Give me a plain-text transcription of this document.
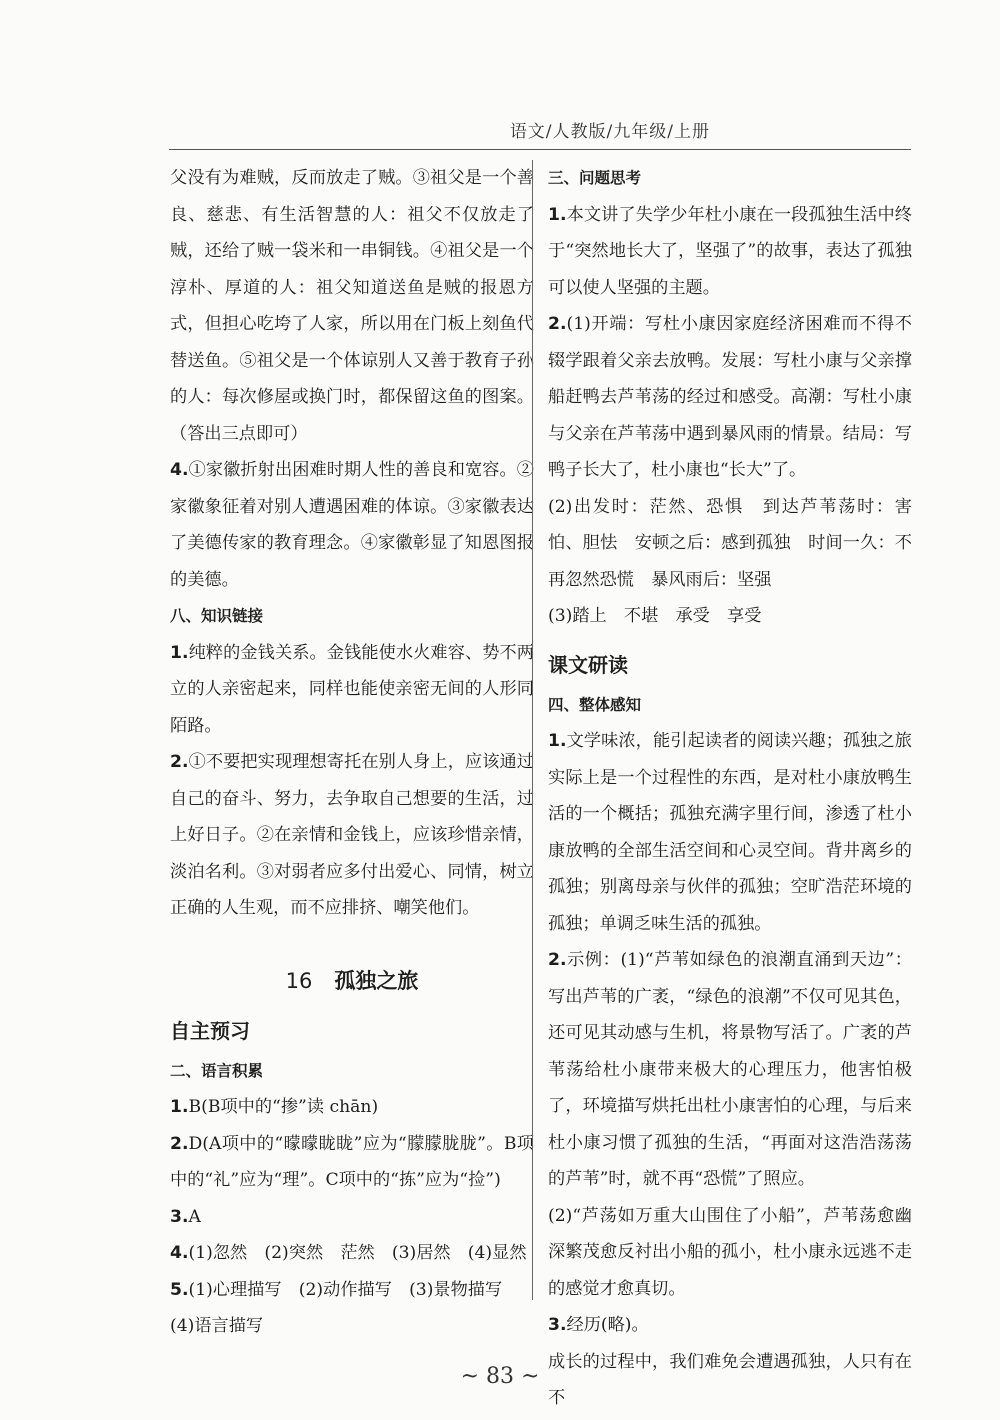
语文/人教版/九年级/上册

父没有为难贼，反而放走了贼。③祖父是一个善良、慈悲、有生活智慧的人：祖父不仅放走了贼，还给了贼一袋米和一串铜钱。④祖父是一个淳朴、厚道的人：祖父知道送鱼是贼的报恩方式，但担心吃垮了人家，所以用在门板上刻鱼代替送鱼。⑤祖父是一个体谅别人又善于教育子孙的人：每次修屋或换门时，都保留这鱼的图案。（答出三点即可）

4.①家徽折射出困难时期人性的善良和宽容。②家徽象征着对别人遭遇困难的体谅。③家徽表达了美德传家的教育理念。④家徽彰显了知恩图报的美德。

八、知识链接

1.纯粹的金钱关系。金钱能使水火难容、势不两立的人亲密起来，同样也能使亲密无间的人形同陌路。

2.①不要把实现理想寄托在别人身上，应该通过自己的奋斗、努力，去争取自己想要的生活，过上好日子。②在亲情和金钱上，应该珍惜亲情，淡泊名利。③对弱者应多付出爱心、同情，树立正确的人生观，而不应排挤、嘲笑他们。

16 孤独之旅

自主预习

二、语言积累

1.B(B项中的“掺”读 chān)

2.D(A项中的“曚曚眬眬”应为“朦朦胧胧”。B项中的“礼”应为“理”。C项中的“拣”应为“捡”)

3.A

4.(1)忽然　(2)突然　茫然　(3)居然　(4)显然

5.(1)心理描写　(2)动作描写　(3)景物描写

(4)语言描写

三、问题思考

1.本文讲了失学少年杜小康在一段孤独生活中终于“突然地长大了，坚强了”的故事，表达了孤独可以使人坚强的主题。

2.(1)开端：写杜小康因家庭经济困难而不得不辍学跟着父亲去放鸭。发展：写杜小康与父亲撑船赶鸭去芦苇荡的经过和感受。高潮：写杜小康与父亲在芦苇荡中遇到暴风雨的情景。结局：写鸭子长大了，杜小康也“长大”了。

(2)出发时：茫然、恐惧　到达芦苇荡时：害怕、胆怯　安顿之后：感到孤独　时间一久：不再忽然恐慌　暴风雨后：坚强

(3)踏上　不堪　承受　享受

课文研读

四、整体感知

1.文学味浓，能引起读者的阅读兴趣；孤独之旅实际上是一个过程性的东西，是对杜小康放鸭生活的一个概括；孤独充满字里行间，渗透了杜小康放鸭的全部生活空间和心灵空间。背井离乡的孤独；别离母亲与伙伴的孤独；空旷浩茫环境的孤独；单调乏味生活的孤独。

2.示例：(1)“芦苇如绿色的浪潮直涌到天边”：写出芦苇的广袤，“绿色的浪潮”不仅可见其色，还可见其动感与生机，将景物写活了。广袤的芦苇荡给杜小康带来极大的心理压力，他害怕极了，环境描写烘托出杜小康害怕的心理，与后来杜小康习惯了孤独的生活，“再面对这浩浩荡荡的芦苇”时，就不再“恐慌”了照应。

(2)“芦荡如万重大山围住了小船”，芦苇荡愈幽深繁茂愈反衬出小船的孤小，杜小康永远逃不走的感觉才愈真切。

3.经历(略)。

成长的过程中，我们难免会遭遇孤独，人只有在不

~ 83 ~
